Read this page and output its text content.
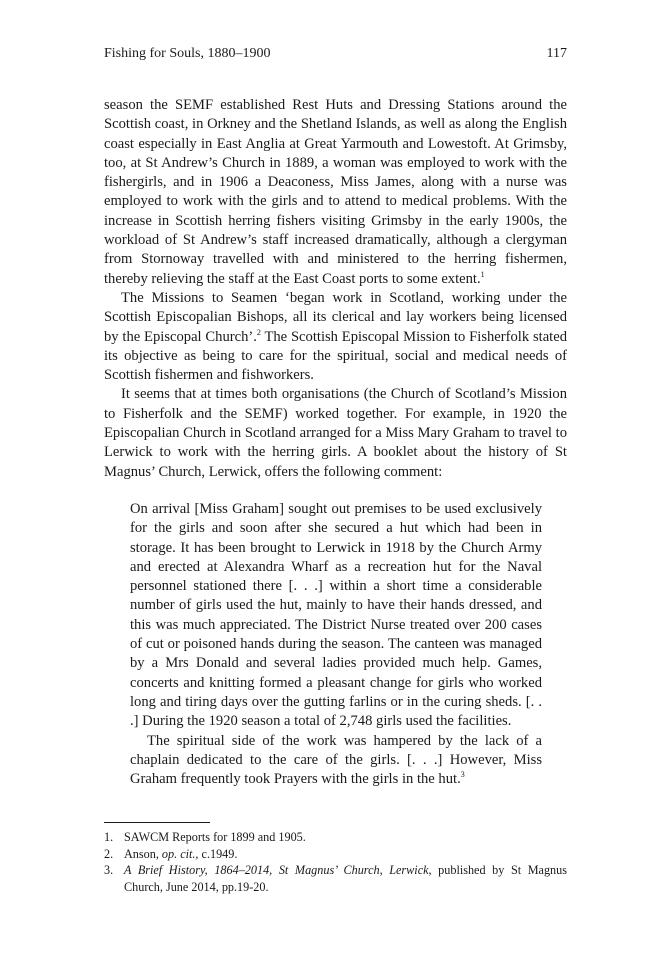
Fishing for Souls, 1880–1900	117

season the SEMF established Rest Huts and Dressing Stations around the Scottish coast, in Orkney and the Shetland Islands, as well as along the English coast especially in East Anglia at Great Yarmouth and Lowestoft. At Grimsby, too, at St Andrew’s Church in 1889, a woman was employed to work with the fishergirls, and in 1906 a Deaconess, Miss James, along with a nurse was employed to work with the girls and to attend to medical problems. With the increase in Scottish herring fishers visiting Grimsby in the early 1900s, the workload of St Andrew’s staff increased dramatically, although a clergyman from Stornoway travelled with and ministered to the herring fishermen, thereby relieving the staff at the East Coast ports to some extent.$^1$

The Missions to Seamen ‘began work in Scotland, working under the Scottish Episcopalian Bishops, all its clerical and lay workers being licensed by the Episcopal Church’.$^2$ The Scottish Episcopal Mission to Fisherfolk stated its objective as being to care for the spiritual, social and medical needs of Scottish fishermen and fishworkers.

It seems that at times both organisations (the Church of Scotland’s Mission to Fisherfolk and the SEMF) worked together. For example, in 1920 the Episcopalian Church in Scotland arranged for a Miss Mary Graham to travel to Lerwick to work with the herring girls. A booklet about the history of St Magnus’ Church, Lerwick, offers the following comment:

On arrival [Miss Graham] sought out premises to be used exclusively for the girls and soon after she secured a hut which had been in storage. It has been brought to Lerwick in 1918 by the Church Army and erected at Alexandra Wharf as a recreation hut for the Naval personnel stationed there [. . .] within a short time a considerable number of girls used the hut, mainly to have their hands dressed, and this was much appreciated. The District Nurse treated over 200 cases of cut or poisoned hands during the season. The canteen was managed by a Mrs Donald and several ladies provided much help. Games, concerts and knitting formed a pleasant change for girls who worked long and tiring days over the gutting farlins or in the curing sheds. [. . .] During the 1920 season a total of 2,748 girls used the facilities.

The spiritual side of the work was hampered by the lack of a chaplain dedicated to the care of the girls. [. . .] However, Miss Graham frequently took Prayers with the girls in the hut.$^3$

1. SAWCM Reports for 1899 and 1905.
2. Anson, op. cit., c.1949.
3. A Brief History, 1864–2014, St Magnus’ Church, Lerwick, published by St Magnus Church, June 2014, pp.19-20.
